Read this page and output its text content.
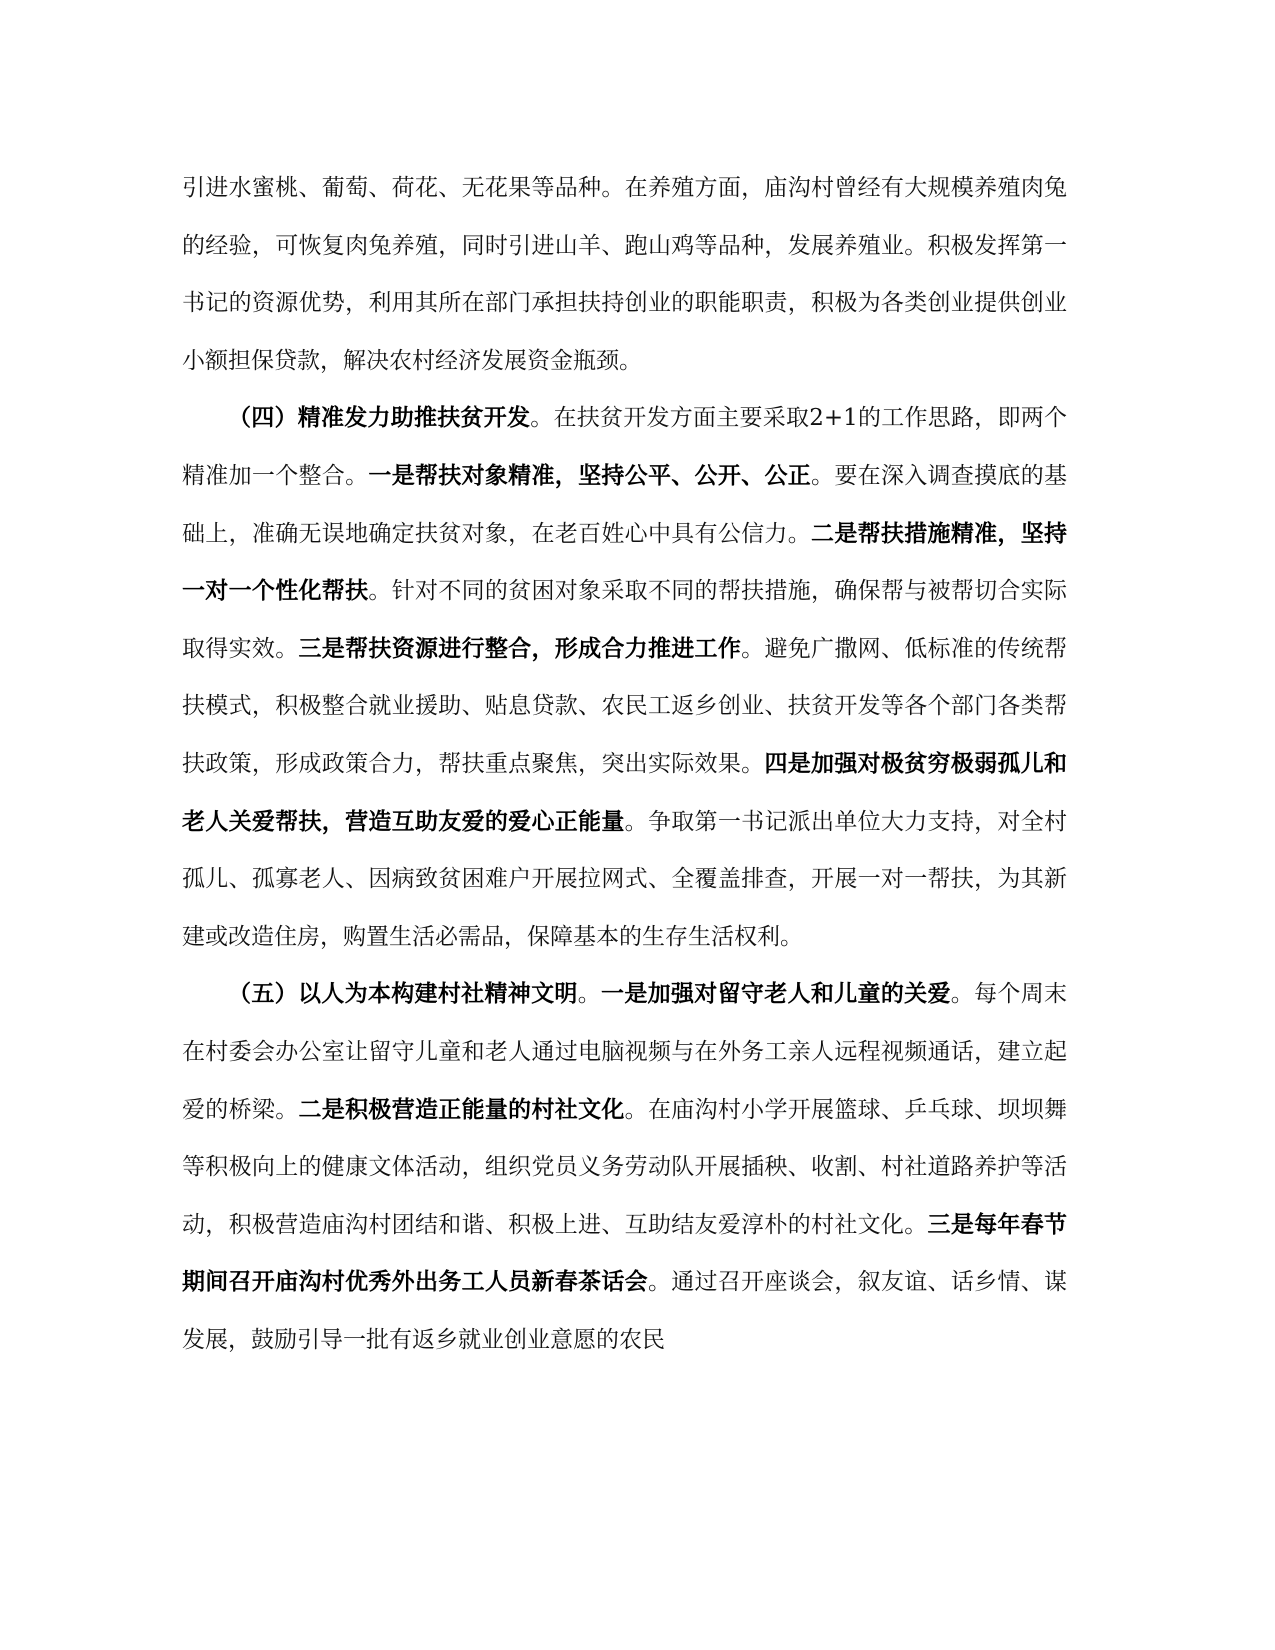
引进水蜜桃、葡萄、荷花、无花果等品种。在养殖方面，庙沟村曾经有大规模养殖肉兔的经验，可恢复肉兔养殖，同时引进山羊、跑山鸡等品种，发展养殖业。积极发挥第一书记的资源优势，利用其所在部门承担扶持创业的职能职责，积极为各类创业提供创业小额担保贷款，解决农村经济发展资金瓶颈。

（四）精准发力助推扶贫开发。在扶贫开发方面主要采取2+1的工作思路，即两个精准加一个整合。一是帮扶对象精准，坚持公平、公开、公正。要在深入调查摸底的基础上，准确无误地确定扶贫对象，在老百姓心中具有公信力。二是帮扶措施精准，坚持一对一个性化帮扶。针对不同的贫困对象采取不同的帮扶措施，确保帮与被帮切合实际取得实效。三是帮扶资源进行整合，形成合力推进工作。避免广撒网、低标准的传统帮扶模式，积极整合就业援助、贴息贷款、农民工返乡创业、扶贫开发等各个部门各类帮扶政策，形成政策合力，帮扶重点聚焦，突出实际效果。四是加强对极贫穷极弱孤儿和老人关爱帮扶，营造互助友爱的爱心正能量。争取第一书记派出单位大力支持，对全村孤儿、孤寡老人、因病致贫困难户开展拉网式、全覆盖排查，开展一对一帮扶，为其新建或改造住房，购置生活必需品，保障基本的生存生活权利。

（五）以人为本构建村社精神文明。一是加强对留守老人和儿童的关爱。每个周末在村委会办公室让留守儿童和老人通过电脑视频与在外务工亲人远程视频通话，建立起爱的桥梁。二是积极营造正能量的村社文化。在庙沟村小学开展篮球、乒乓球、坝坝舞等积极向上的健康文体活动，组织党员义务劳动队开展插秧、收割、村社道路养护等活动，积极营造庙沟村团结和谐、积极上进、互助结友爱淳朴的村社文化。三是每年春节期间召开庙沟村优秀外出务工人员新春茶话会。通过召开座谈会，叙友谊、话乡情、谋发展，鼓励引导一批有返乡就业创业意愿的农民
